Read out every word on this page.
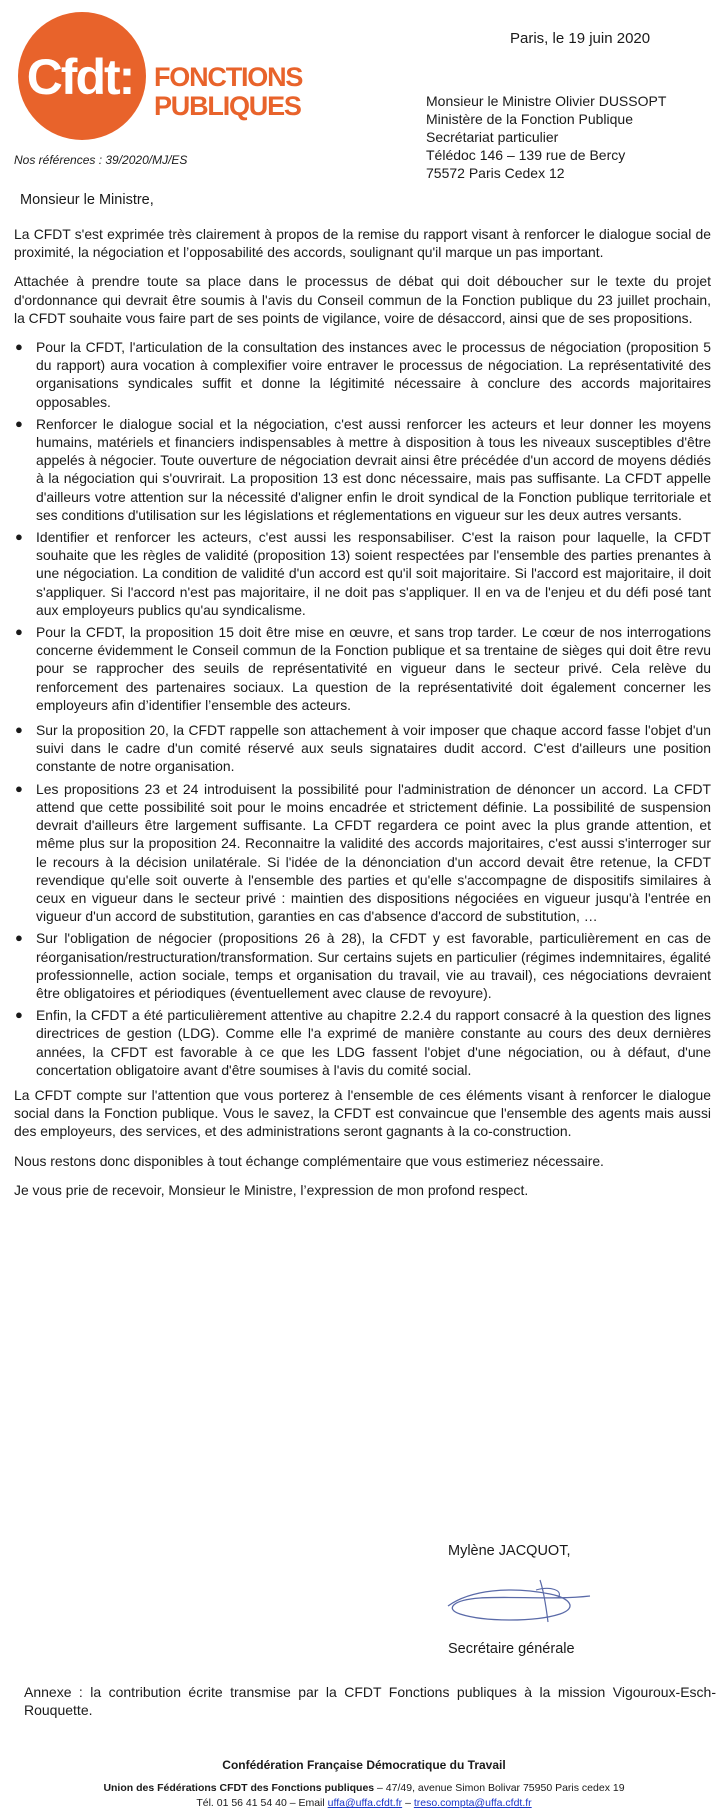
Cfdt: FONCTIONS
PUBLIQUES
Paris, le 19 juin 2020
Monsieur le Ministre Olivier DUSSOPT
Ministère de la Fonction Publique
Secrétariat particulier
Télédoc 146 – 139 rue de Bercy
75572 Paris Cedex 12
Nos références : 39/2020/MJ/ES
Monsieur le Ministre,

La CFDT s'est exprimée très clairement à propos de la remise du rapport visant à renforcer le dialogue social de proximité, la négociation et l’opposabilité des accords, soulignant qu'il marque un pas important.

Attachée à prendre toute sa place dans le processus de débat qui doit déboucher sur le texte du projet d'ordonnance qui devrait être soumis à l'avis du Conseil commun de la Fonction publique du 23 juillet prochain, la CFDT souhaite vous faire part de ses points de vigilance, voire de désaccord, ainsi que de ses propositions.

● Pour la CFDT, l'articulation de la consultation des instances avec le processus de négociation (proposition 5 du rapport) aura vocation à complexifier voire entraver le processus de négociation. La représentativité des organisations syndicales suffit et donne la légitimité nécessaire à conclure des accords majoritaires opposables.
● Renforcer le dialogue social et la négociation, c'est aussi renforcer les acteurs et leur donner les moyens humains, matériels et financiers indispensables à mettre à disposition à tous les niveaux susceptibles d'être appelés à négocier. Toute ouverture de négociation devrait ainsi être précédée d'un accord de moyens dédiés à la négociation qui s'ouvrirait. La proposition 13 est donc nécessaire, mais pas suffisante. La CFDT appelle d'ailleurs votre attention sur la nécessité d'aligner enfin le droit syndical de la Fonction publique territoriale et ses conditions d'utilisation sur les législations et réglementations en vigueur sur les deux autres versants.
● Identifier et renforcer les acteurs, c'est aussi les responsabiliser. C'est la raison pour laquelle, la CFDT souhaite que les règles de validité (proposition 13) soient respectées par l'ensemble des parties prenantes à une négociation. La condition de validité d'un accord est qu'il soit majoritaire. Si l'accord est majoritaire, il doit s'appliquer. Si l'accord n'est pas majoritaire, il ne doit pas s'appliquer. Il en va de l'enjeu et du défi posé tant aux employeurs publics qu'au syndicalisme.
● Pour la CFDT, la proposition 15 doit être mise en œuvre, et sans trop tarder. Le cœur de nos interrogations concerne évidemment le Conseil commun de la Fonction publique et sa trentaine de sièges qui doit être revu pour se rapprocher des seuils de représentativité en vigueur dans le secteur privé. Cela relève du renforcement des partenaires sociaux. La question de la représentativité doit également concerner les employeurs afin d’identifier l’ensemble des acteurs.
● Sur la proposition 20, la CFDT rappelle son attachement à voir imposer que chaque accord fasse l'objet d'un suivi dans le cadre d'un comité réservé aux seuls signataires dudit accord. C'est d'ailleurs une position constante de notre organisation.
● Les propositions 23 et 24 introduisent la possibilité pour l'administration de dénoncer un accord. La CFDT attend que cette possibilité soit pour le moins encadrée et strictement définie. La possibilité de suspension devrait d'ailleurs être largement suffisante. La CFDT regardera ce point avec la plus grande attention, et même plus sur la proposition 24. Reconnaitre la validité des accords majoritaires, c'est aussi s'interroger sur le recours à la décision unilatérale. Si l'idée de la dénonciation d'un accord devait être retenue, la CFDT revendique qu'elle soit ouverte à l'ensemble des parties et qu'elle s'accompagne de dispositifs similaires à ceux en vigueur dans le secteur privé : maintien des dispositions négociées en vigueur jusqu'à l'entrée en vigueur d'un accord de substitution, garanties en cas d'absence d'accord de substitution, …
● Sur l'obligation de négocier (propositions 26 à 28), la CFDT y est favorable, particulièrement en cas de réorganisation/restructuration/transformation. Sur certains sujets en particulier (régimes indemnitaires, égalité professionnelle, action sociale, temps et organisation du travail, vie au travail), ces négociations devraient être obligatoires et périodiques (éventuellement avec clause de revoyure).
● Enfin, la CFDT a été particulièrement attentive au chapitre 2.2.4 du rapport consacré à la question des lignes directrices de gestion (LDG). Comme elle l'a exprimé de manière constante au cours des deux dernières années, la CFDT est favorable à ce que les LDG fassent l'objet d'une négociation, ou à défaut, d'une concertation obligatoire avant d'être soumises à l'avis du comité social.

La CFDT compte sur l'attention que vous porterez à l'ensemble de ces éléments visant à renforcer le dialogue social dans la Fonction publique. Vous le savez, la CFDT est convaincue que l'ensemble des agents mais aussi des employeurs, des services, et des administrations seront gagnants à la co-construction.

Nous restons donc disponibles à tout échange complémentaire que vous estimeriez nécessaire.

Je vous prie de recevoir, Monsieur le Ministre, l’expression de mon profond respect.

Mylène JACQUOT,
Secrétaire générale
Annexe : la contribution écrite transmise par la CFDT Fonctions publiques à la mission Vigouroux-Esch-Rouquette.
Confédération Française Démocratique du Travail
Union des Fédérations CFDT des Fonctions publiques – 47/49, avenue Simon Bolivar 75950 Paris cedex 19
Tél. 01 56 41 54 40 – Email uffa@uffa.cfdt.fr – treso.compta@uffa.cfdt.fr
